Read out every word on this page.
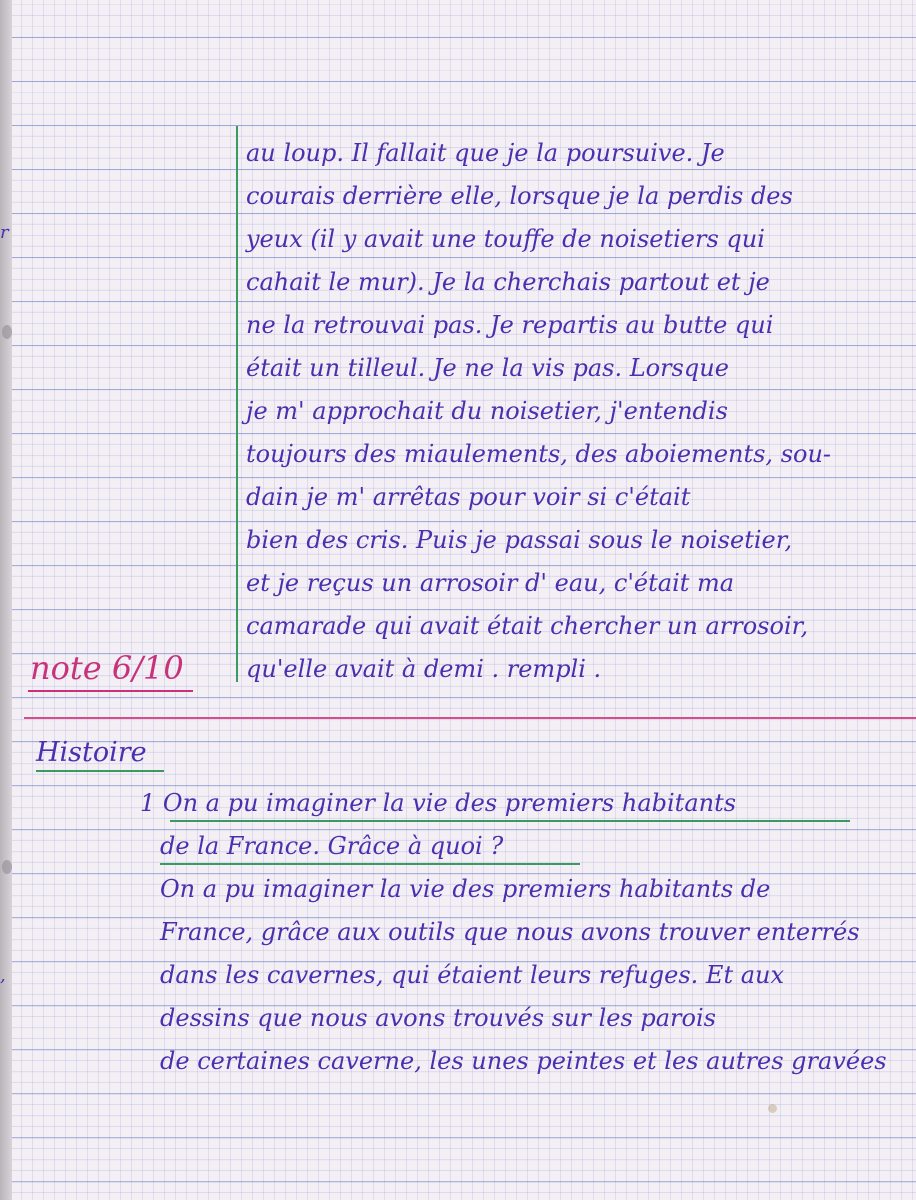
r
,

au loup. Il fallait que je la poursuive. Je

courais derrière elle, lorsque je la perdis des

yeux (il y avait une touffe de noisetiers qui

cahait le mur). Je la cherchais partout et je

ne la retrouvai pas. Je repartis au butte qui

était un tilleul. Je ne la vis pas. Lorsque

je m' approchait du noisetier, j'entendis

toujours des miaulements, des aboiements, sou-

dain je m' arrêtas pour voir si c'était

bien des cris. Puis je passai sous le noisetier,

et je reçus un arrosoir d' eau, c'était ma

camarade qui avait était chercher un arrosoir,

qu'elle avait à demi . rempli .

note 6/10
Histoire

1 On a pu imaginer la vie des premiers habitants

de la France. Grâce à quoi ?

On a pu imaginer la vie des premiers habitants de

France, grâce aux outils que nous avons trouver enterrés

dans les cavernes, qui étaient leurs refuges. Et aux

dessins que nous avons trouvés sur les parois

de certaines caverne, les unes peintes et les autres gravées
